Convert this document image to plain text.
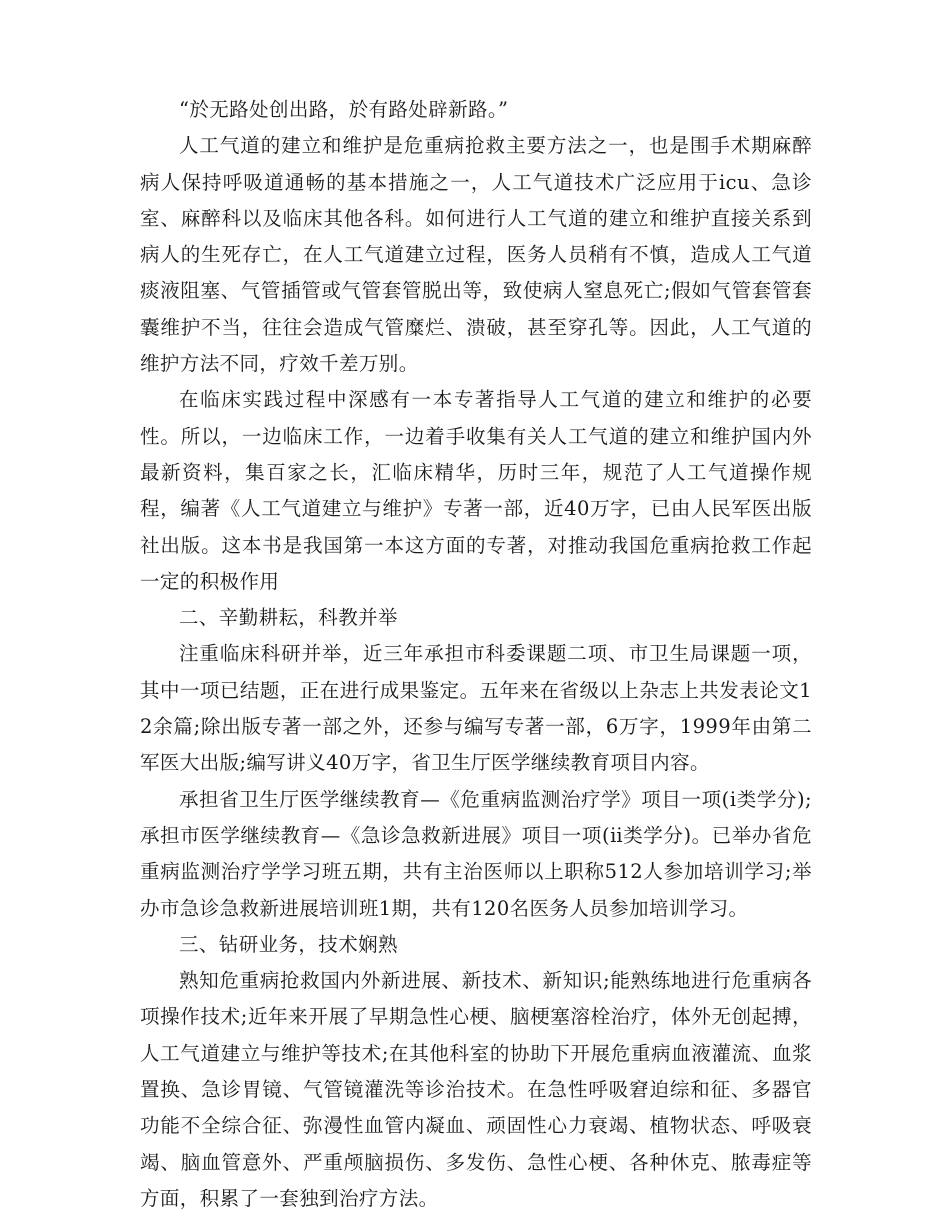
“於无路处创出路，於有路处辟新路。”

人工气道的建立和维护是危重病抢救主要方法之一，也是围手术期麻醉病人保持呼吸道通畅的基本措施之一，人工气道技术广泛应用于icu、急诊室、麻醉科以及临床其他各科。如何进行人工气道的建立和维护直接关系到病人的生死存亡，在人工气道建立过程，医务人员稍有不慎，造成人工气道痰液阻塞、气管插管或气管套管脱出等，致使病人窒息死亡;假如气管套管套囊维护不当，往往会造成气管糜烂、溃破，甚至穿孔等。因此，人工气道的维护方法不同，疗效千差万别。

在临床实践过程中深感有一本专著指导人工气道的建立和维护的必要性。所以，一边临床工作，一边着手收集有关人工气道的建立和维护国内外最新资料，集百家之长，汇临床精华，历时三年，规范了人工气道操作规程，编著《人工气道建立与维护》专著一部，近40万字，已由人民军医出版社出版。这本书是我国第一本这方面的专著，对推动我国危重病抢救工作起一定的积极作用

二、辛勤耕耘，科教并举

注重临床科研并举，近三年承担市科委课题二项、市卫生局课题一项，其中一项已结题，正在进行成果鉴定。五年来在省级以上杂志上共发表论文12余篇;除出版专著一部之外，还参与编写专著一部，6万字，1999年由第二军医大出版;编写讲义40万字，省卫生厅医学继续教育项目内容。

承担省卫生厅医学继续教育—《危重病监测治疗学》项目一项(ⅰ类学分);承担市医学继续教育—《急诊急救新进展》项目一项(ⅱ类学分)。已举办省危重病监测治疗学学习班五期，共有主治医师以上职称512人参加培训学习;举办市急诊急救新进展培训班1期，共有120名医务人员参加培训学习。

三、钻研业务，技术娴熟

熟知危重病抢救国内外新进展、新技术、新知识;能熟练地进行危重病各项操作技术;近年来开展了早期急性心梗、脑梗塞溶栓治疗，体外无创起搏，人工气道建立与维护等技术;在其他科室的协助下开展危重病血液灌流、血浆置换、急诊胃镜、气管镜灌洗等诊治技术。在急性呼吸窘迫综和征、多器官功能不全综合征、弥漫性血管内凝血、顽固性心力衰竭、植物状态、呼吸衰竭、脑血管意外、严重颅脑损伤、多发伤、急性心梗、各种休克、脓毒症等方面，积累了一套独到治疗方法。
